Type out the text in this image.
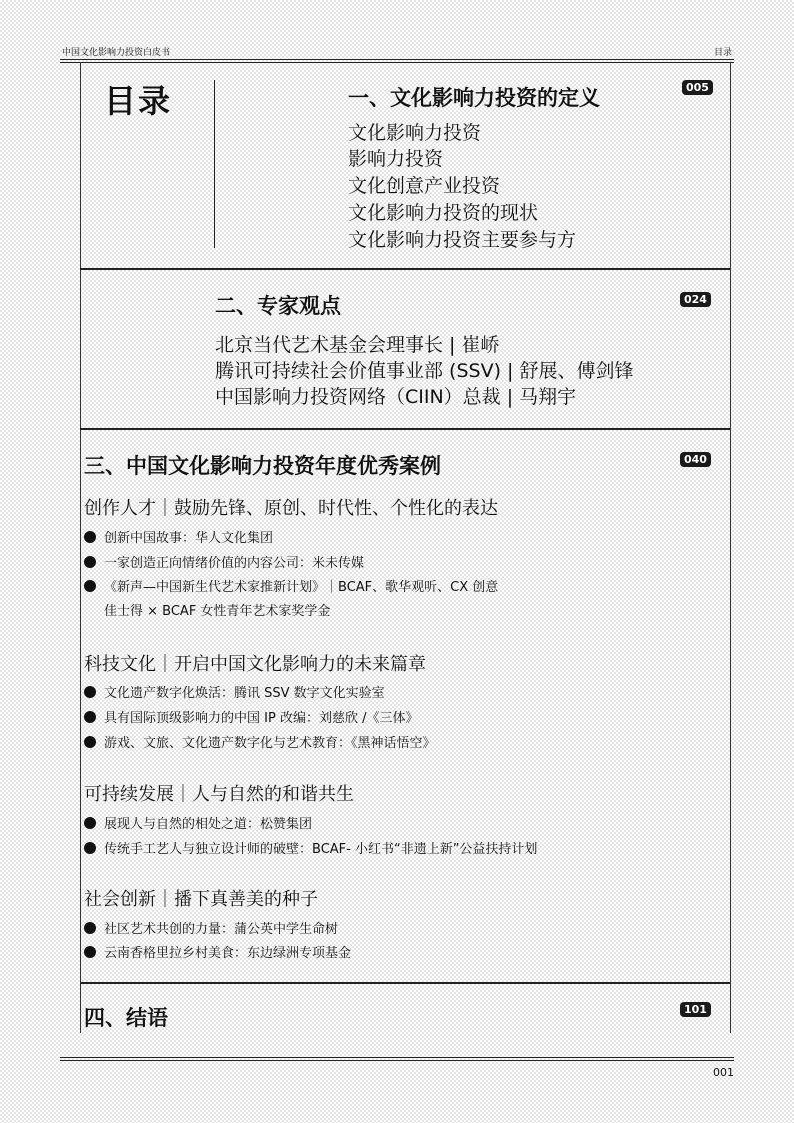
中国文化影响力投资白皮书	目录
目录	一、文化影响力投资的定义	005
文化影响力投资
影响力投资
文化创意产业投资
文化影响力投资的现状
文化影响力投资主要参与方
二、专家观点	024
北京当代艺术基金会理事长 | 崔峤
腾讯可持续社会价值事业部 (SSV) | 舒展、傅剑锋
中国影响力投资网络（CIIN）总裁 | 马翔宇
三、中国文化影响力投资年度优秀案例	040
创作人才｜鼓励先锋、原创、时代性、个性化的表达
创新中国故事：华人文化集团
一家创造正向情绪价值的内容公司：米未传媒
《新声—中国新生代艺术家推新计划》｜BCAF、歌华观听、CX 创意
佳士得 × BCAF 女性青年艺术家奖学金
科技文化｜开启中国文化影响力的未来篇章
文化遗产数字化焕活：腾讯 SSV 数字文化实验室
具有国际顶级影响力的中国 IP 改编：刘慈欣 /《三体》
游戏、文旅、文化遗产数字化与艺术教育：《黑神话悟空》
可持续发展｜人与自然的和谐共生
展现人与自然的相处之道：松赞集团
传统手工艺人与独立设计师的破壁：BCAF- 小红书“非遗上新”公益扶持计划
社会创新｜播下真善美的种子
社区艺术共创的力量：蒲公英中学生命树
云南香格里拉乡村美食：东边绿洲专项基金
四、结语	101
001
